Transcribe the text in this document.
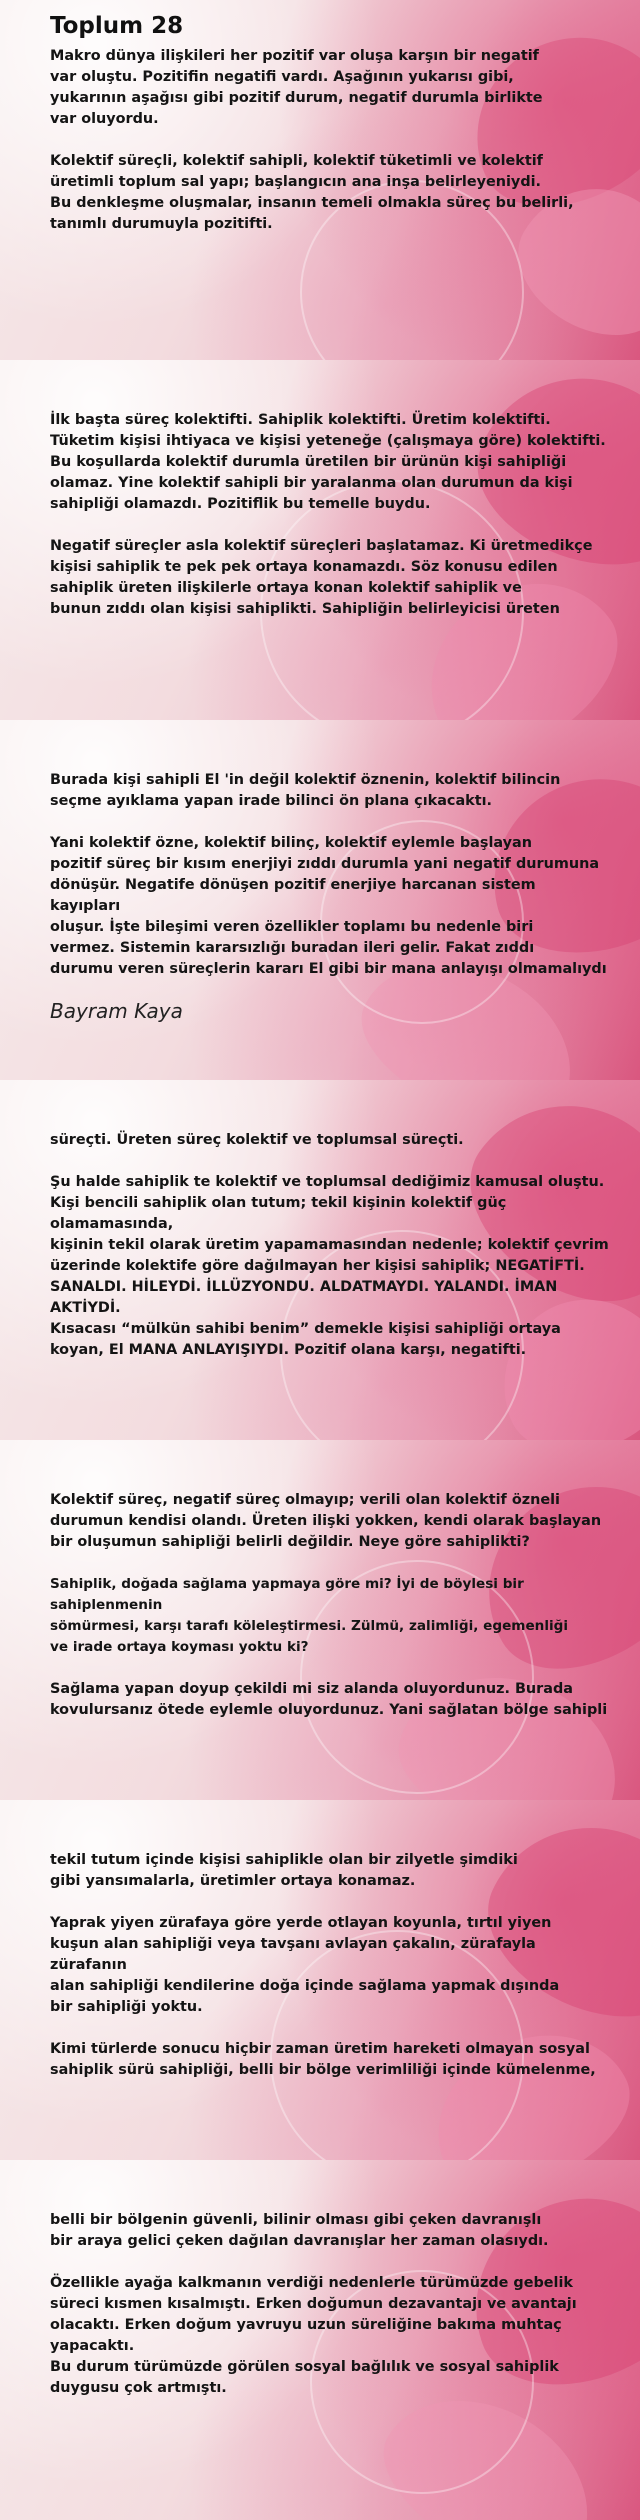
Toplum 28

Makro dünya ilişkileri her pozitif var oluşa karşın bir negatif
var oluştu. Pozitifin negatifi vardı. Aşağının yukarısı gibi,
yukarının aşağısı gibi pozitif durum, negatif durumla birlikte
var oluyordu.

Kolektif süreçli, kolektif sahipli, kolektif tüketimli ve kolektif
üretimli toplum sal yapı; başlangıcın ana inşa belirleyeniydi.
Bu denkleşme oluşmalar, insanın temeli olmakla süreç bu belirli,
tanımlı durumuyla pozitifti.

İlk başta süreç kolektifti. Sahiplik kolektifti. Üretim kolektifti.
Tüketim kişisi ihtiyaca ve kişisi yeteneğe (çalışmaya göre) kolektifti.
Bu koşullarda kolektif durumla üretilen bir ürünün kişi sahipliği
olamaz. Yine kolektif sahipli bir yaralanma olan durumun da kişi
sahipliği olamazdı. Pozitiflik bu temelle buydu.

Negatif süreçler asla kolektif süreçleri başlatamaz. Ki üretmedikçe
kişisi sahiplik te pek pek ortaya konamazdı. Söz konusu edilen
sahiplik üreten ilişkilerle ortaya konan kolektif sahiplik ve
bunun zıddı olan kişisi sahiplikti. Sahipliğin belirleyicisi üreten

Burada kişi sahipli El 'in değil kolektif öznenin, kolektif bilincin
seçme ayıklama yapan irade bilinci ön plana çıkacaktı.

Yani kolektif özne, kolektif bilinç, kolektif eylemle başlayan
pozitif süreç bir kısım enerjiyi zıddı durumla yani negatif durumuna
dönüşür. Negatife dönüşen pozitif enerjiye harcanan sistem kayıpları
oluşur. İşte bileşimi veren özellikler toplamı bu nedenle biri
vermez. Sistemin kararsızlığı buradan ileri gelir. Fakat zıddı
durumu veren süreçlerin kararı El gibi bir mana anlayışı olmamalıydı

Bayram Kaya

süreçti. Üreten süreç kolektif ve toplumsal süreçti.

Şu halde sahiplik te kolektif ve toplumsal dediğimiz kamusal oluştu.
Kişi bencili sahiplik olan tutum; tekil kişinin kolektif güç olamamasında,
kişinin tekil olarak üretim yapamamasından nedenle; kolektif çevrim
üzerinde kolektife göre dağılmayan her kişisi sahiplik; NEGATİFTİ.
SANALDI. HİLEYDİ. İLLÜZYONDU. ALDATMAYDI. YALANDI. İMAN AKTİYDİ.
Kısacası “mülkün sahibi benim” demekle kişisi sahipliği ortaya
koyan, El MANA ANLAYIŞIYDI. Pozitif olana karşı, negatifti.

Kolektif süreç, negatif süreç olmayıp; verili olan kolektif özneli
durumun kendisi olandı. Üreten ilişki yokken, kendi olarak başlayan
bir oluşumun sahipliği belirli değildir. Neye göre sahiplikti?

Sahiplik, doğada sağlama yapmaya göre mi? İyi de böylesi bir sahiplenmenin
sömürmesi, karşı tarafı köleleştirmesi. Zülmü, zalimliği, egemenliği
ve irade ortaya koyması yoktu ki?

Sağlama yapan doyup çekildi mi siz alanda oluyordunuz. Burada
kovulursanız ötede eylemle oluyordunuz. Yani sağlatan bölge sahipli

tekil tutum içinde kişisi sahiplikle olan bir zilyetle şimdiki
gibi yansımalarla, üretimler ortaya konamaz.

Yaprak yiyen zürafaya göre yerde otlayan koyunla, tırtıl yiyen
kuşun alan sahipliği veya tavşanı avlayan çakalın, zürafayla zürafanın
alan sahipliği kendilerine doğa içinde sağlama yapmak dışında
bir sahipliği yoktu.

Kimi türlerde sonucu hiçbir zaman üretim hareketi olmayan sosyal
sahiplik sürü sahipliği, belli bir bölge verimliliği içinde kümelenme,

belli bir bölgenin güvenli, bilinir olması gibi çeken davranışlı
bir araya gelici çeken dağılan davranışlar her zaman olasıydı.

Özellikle ayağa kalkmanın verdiği nedenlerle türümüzde gebelik
süreci kısmen kısalmıştı. Erken doğumun dezavantajı ve avantajı
olacaktı. Erken doğum yavruyu uzun süreliğine bakıma muhtaç yapacaktı.
Bu durum türümüzde görülen sosyal bağlılık ve sosyal sahiplik
duygusu çok artmıştı.
